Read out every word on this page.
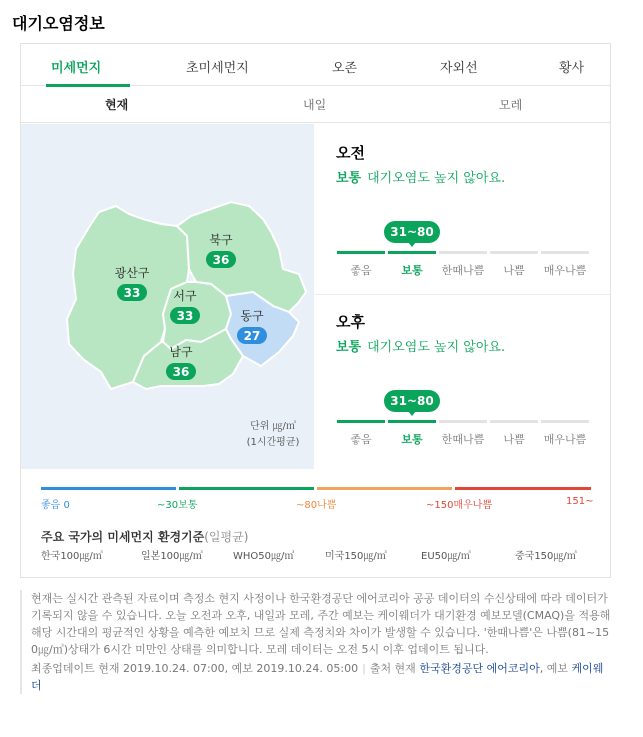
대기오염정보
미세먼지	초미세먼지	오존	자외선	황사
현재	내일	모레
광산구
33
북구
36
서구
33	동구
27
남구
36
단위 ㎍/㎥
(1시간평균)
오전
보통 대기오염도 높지 않아요.
31~80
좋음	보통	한때나쁨	나쁨	매우나쁨
오후
보통 대기오염도 높지 않아요.
31~80
좋음	보통	한때나쁨	나쁨	매우나쁨
좋음 0	~30보통	~80나쁨	~150매우나쁨	151~
주요 국가의 미세먼지 환경기준(일평균)
한국100㎍/㎥	일본100㎍/㎥	WHO50㎍/㎥	미국150㎍/㎥	EU50㎍/㎥	중국150㎍/㎥

현재는 실시간 관측된 자료이며 측정소 현지 사정이나 한국환경공단 에어코리아 공공 데이터의 수신상태에 따라 데이터가 기록되지 않을 수 있습니다. 오늘 오전과 오후, 내일과 모레, 주간 예보는 케이웨더가 대기환경 예보모델(CMAQ)을 적용해 해당 시간대의 평균적인 상황을 예측한 예보치 므로 실제 측정치와 차이가 발생할 수 있습니다. '한때나쁨'은 나쁨(81~150㎍/㎥)상태가 6시간 미만인 상태를 의미합니다. 모레 데이터는 오전 5시 이후 업데이트 됩니다.

최종업데이트 현재 2019.10.24. 07:00, 예보 2019.10.24. 05:00 | 출처 현재 한국환경공단 에어코리아, 예보 케이웨더
